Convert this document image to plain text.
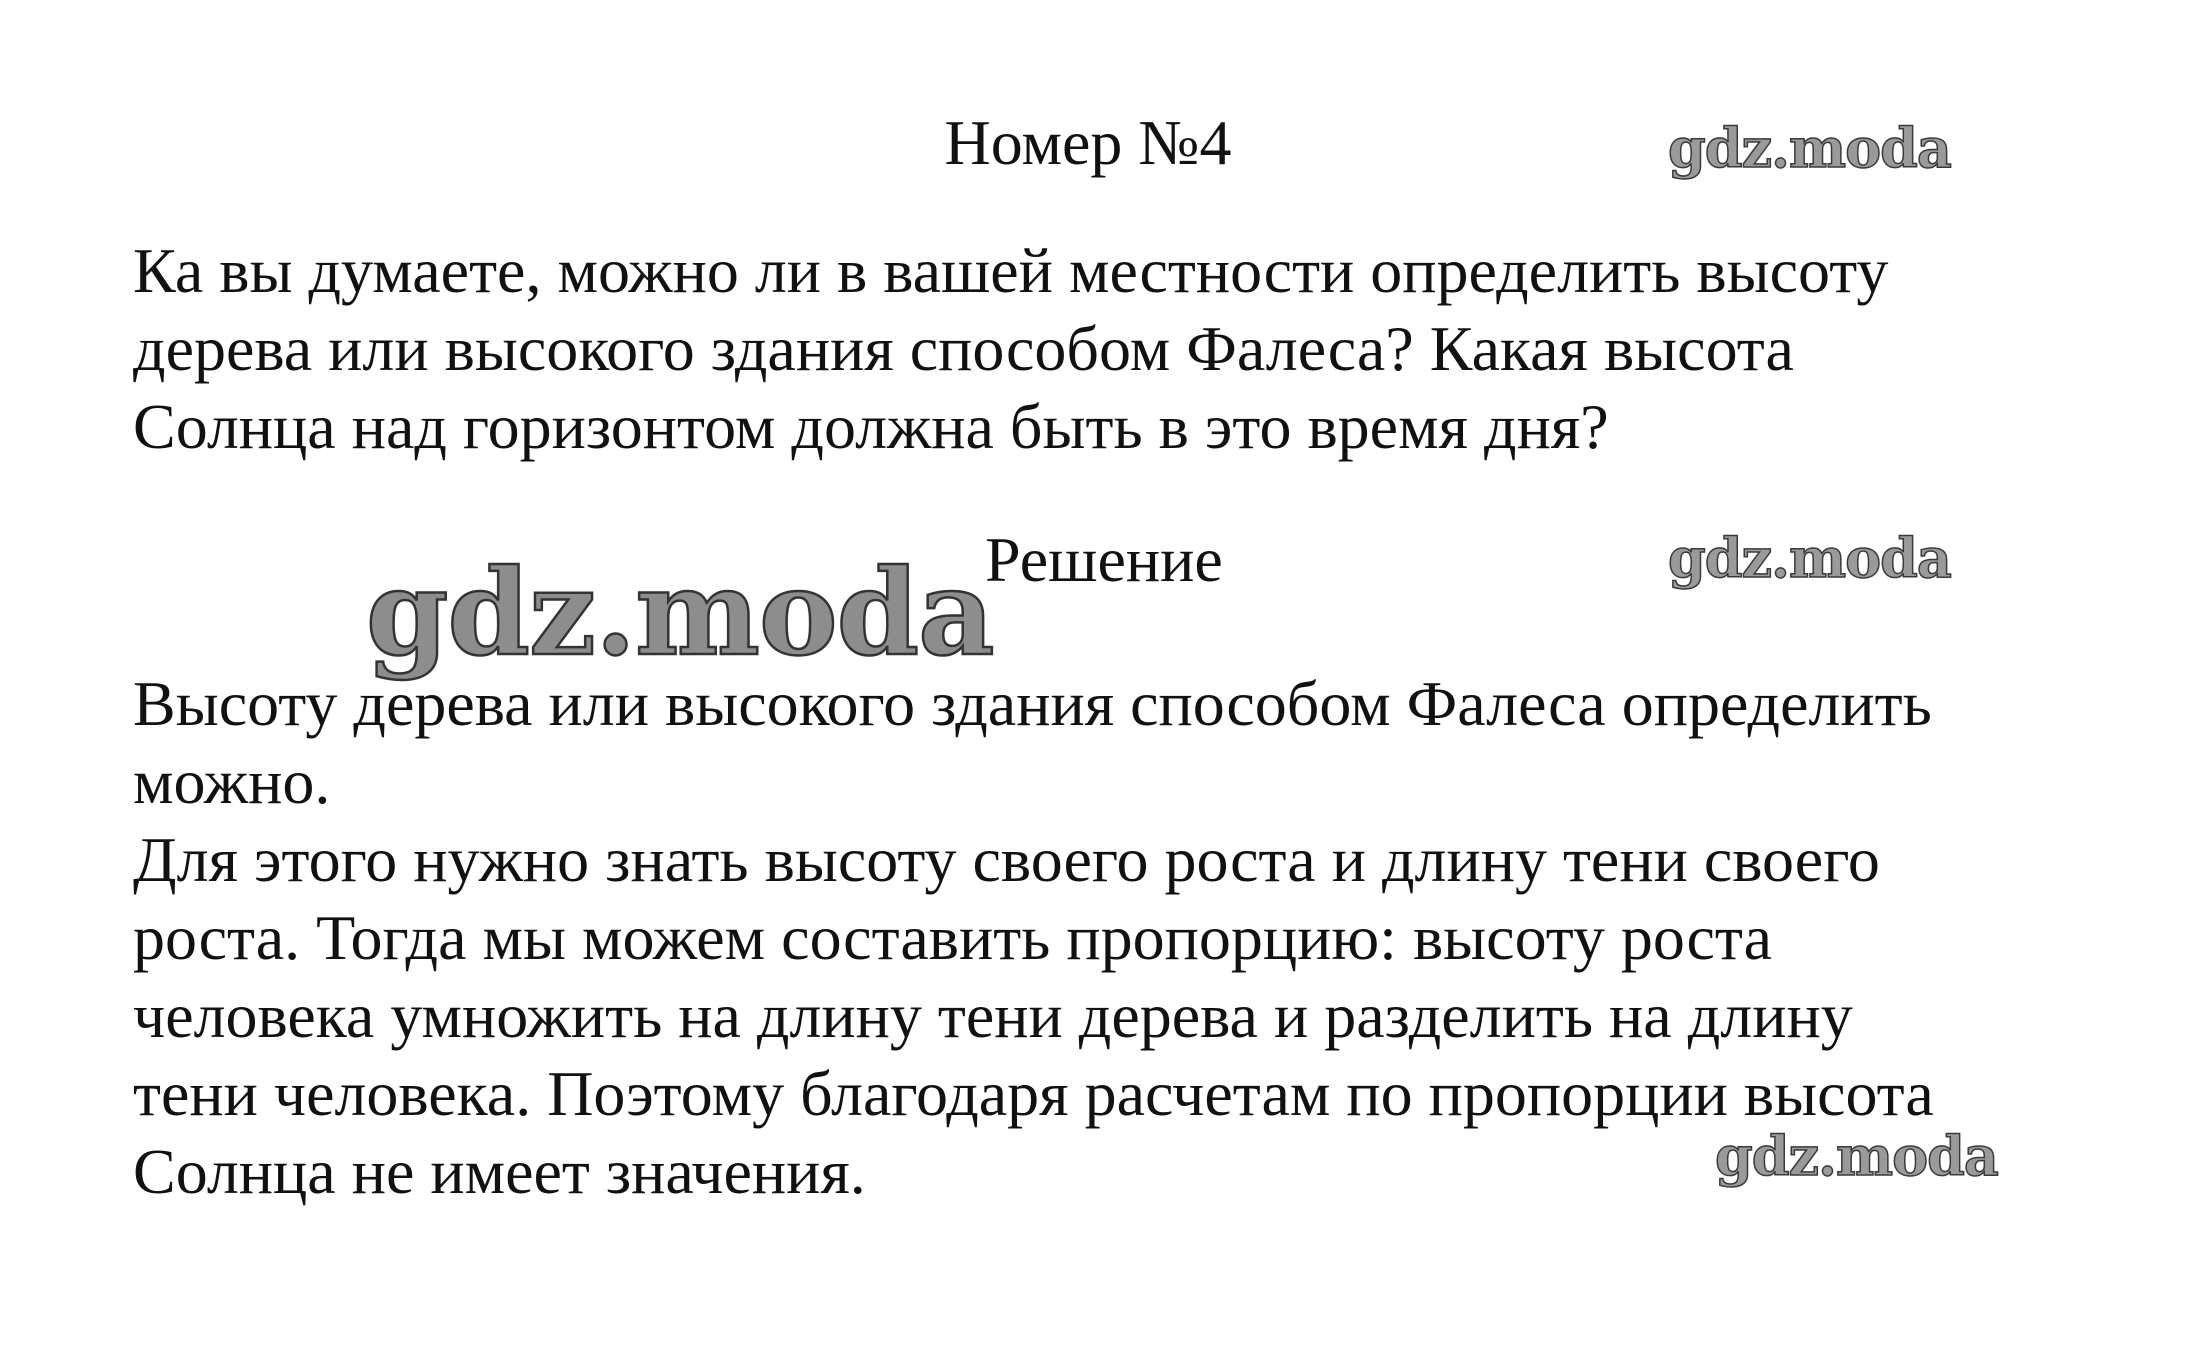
Номер №4	gdz.moda
Ка вы думаете, можно ли в вашей местности определить высоту
дерева или высокого здания способом Фалеса? Какая высота
Солнца над горизонтом должна быть в это время дня?
gdz.moda
Решение	gdz.moda
Высоту дерева или высокого здания способом Фалеса определить
можно.
Для этого нужно знать высоту своего роста и длину тени своего
роста. Тогда мы можем составить пропорцию: высоту роста
человека умножить на длину тени дерева и разделить на длину
тени человека. Поэтому благодаря расчетам по пропорции высота
Солнца не имеет значения.	gdz.moda
